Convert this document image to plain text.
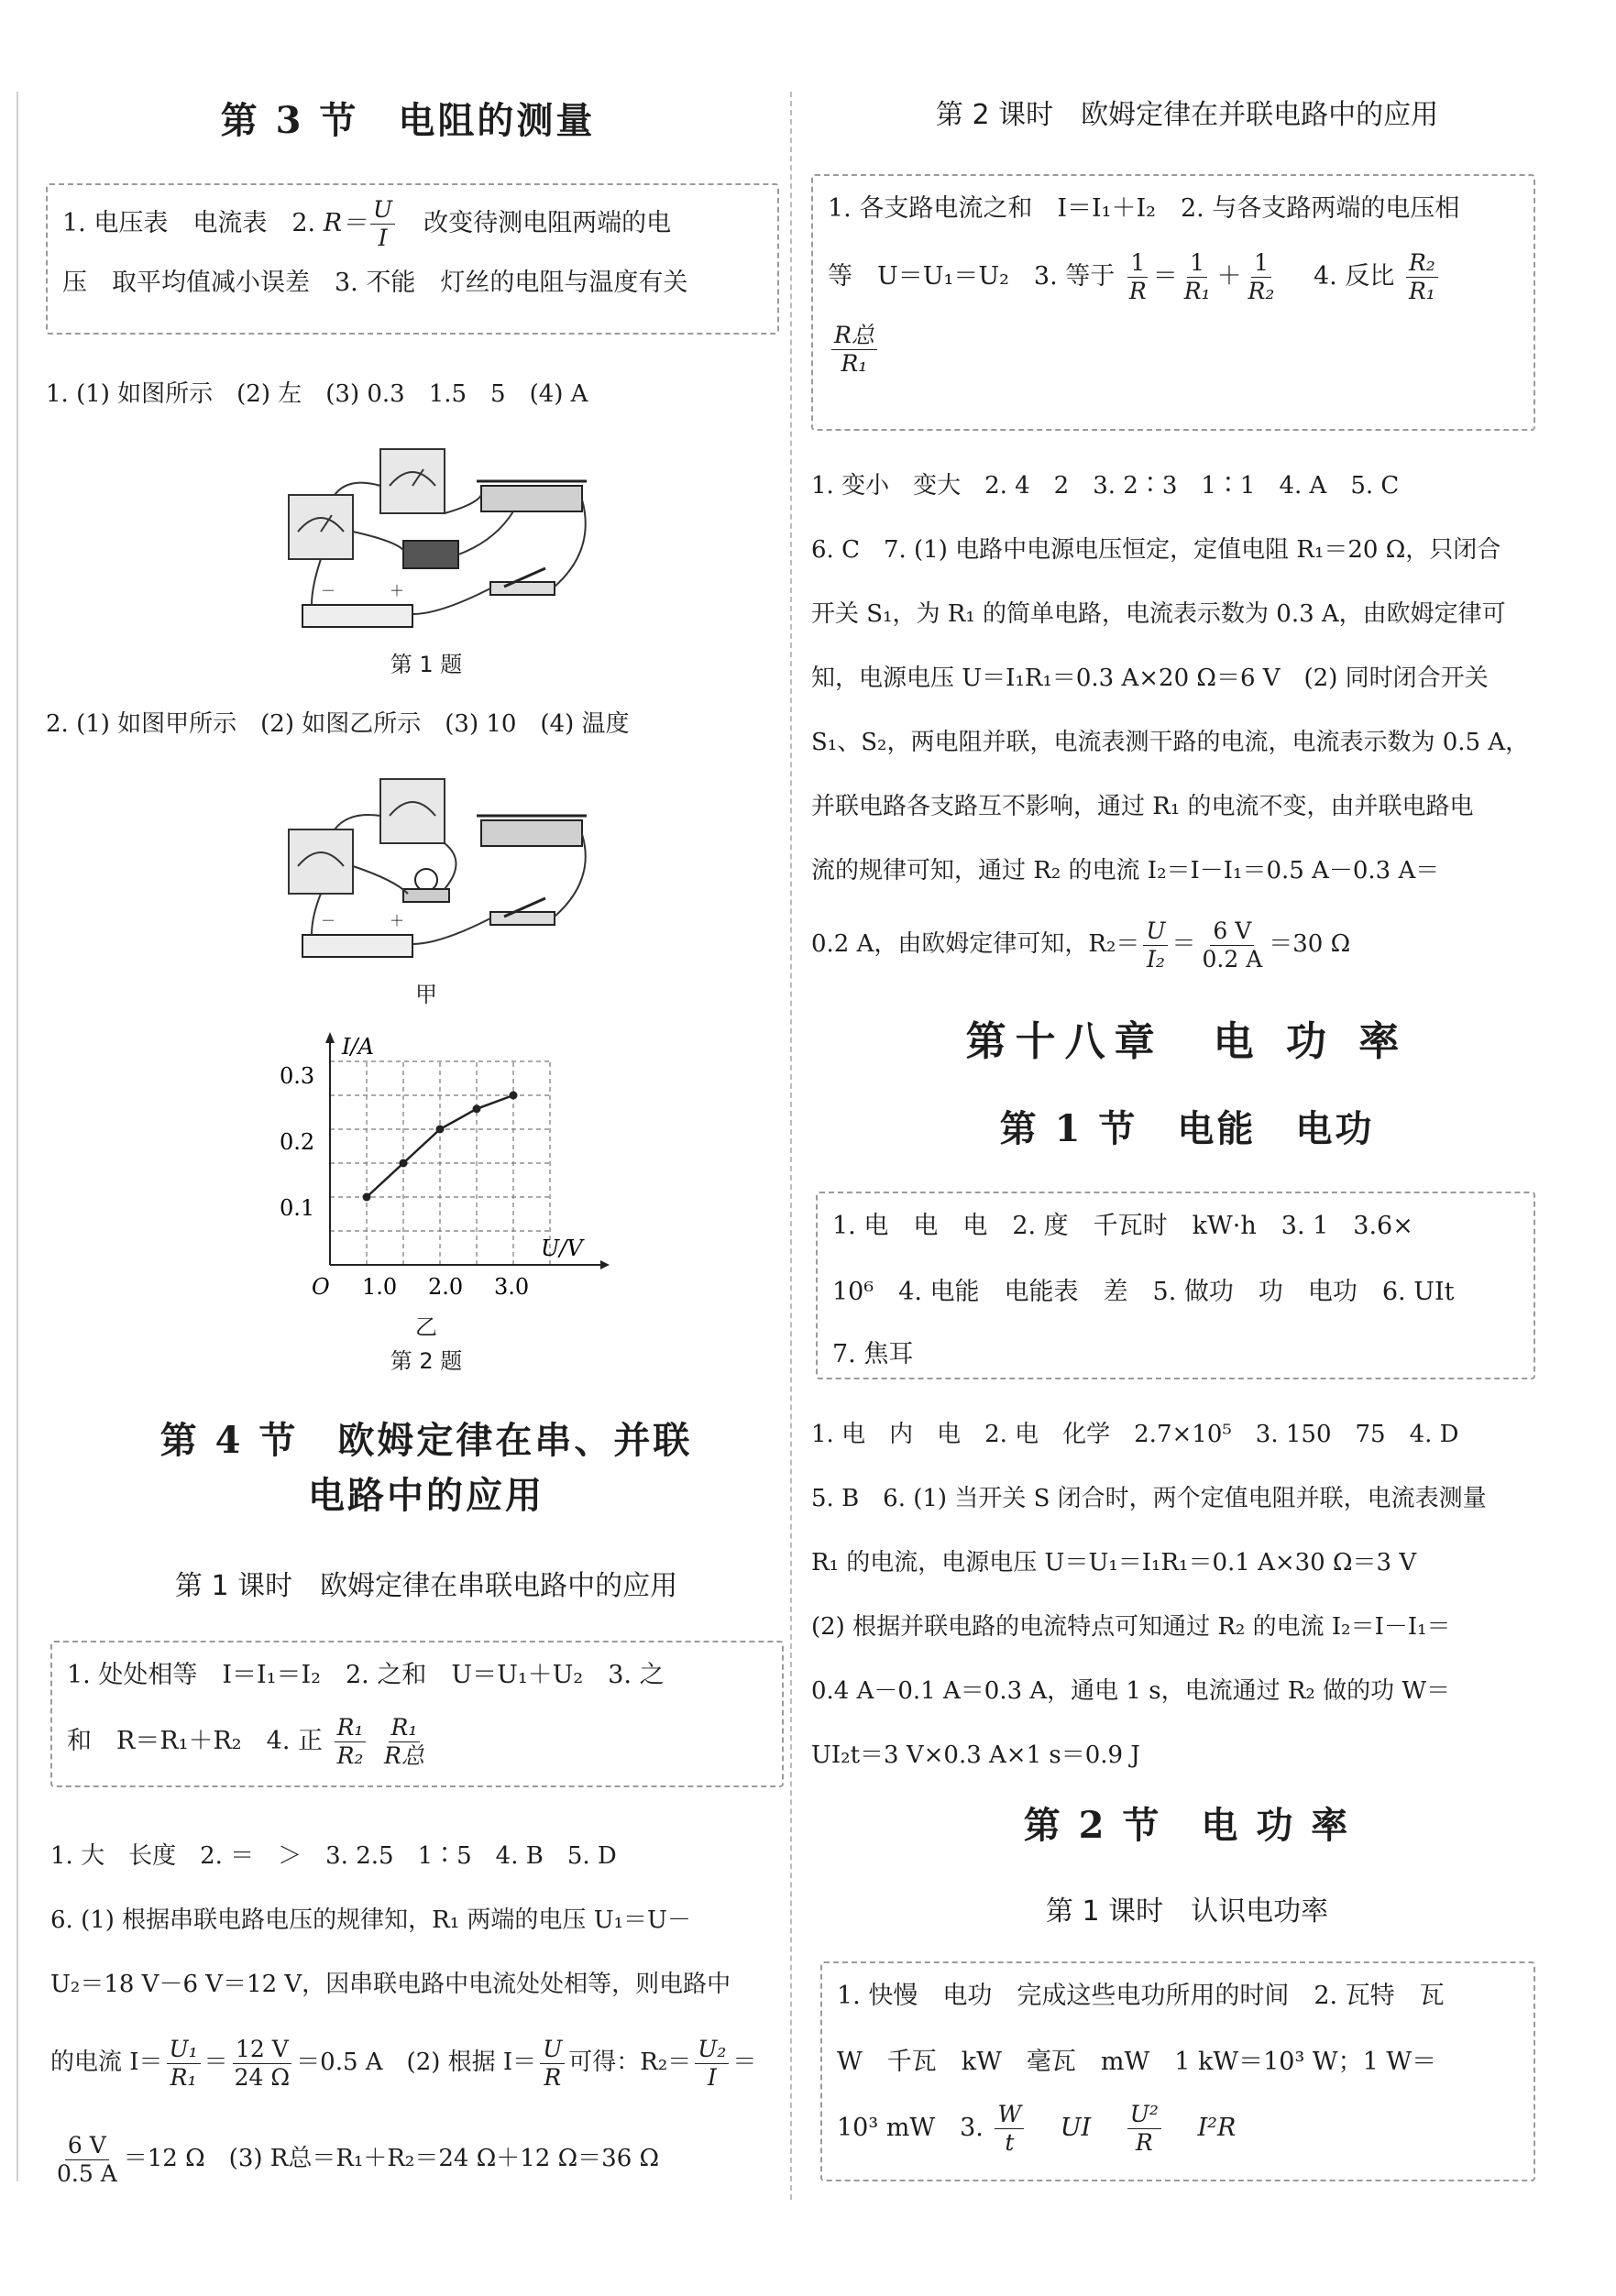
第 3 节　电阻的测量
1. 电压表　电流表　2. $R= \frac{U}{I}$
　 改变待测电阻两端的电
压　取平均值减小误差　3. 不能　灯丝的电阻与温度有关
1. (1) 如图所示　(2) 左　(3) 0.3　1.5　5　(4) A
－	＋
第 1 题
2. (1) 如图甲所示　(2) 如图乙所示　(3) 10　(4) 温度
－	＋
甲
I/A
U/V
O
0.3
0.2
0.1
1.0 2.0 3.0
乙
第 2 题
第 4 节　欧姆定律在串、并联
电路中的应用
第 1 课时　欧姆定律在串联电路中的应用
1. 处处相等　I＝I₁＝I₂　2. 之和　U＝U₁＋U₂　3. 之
和　R＝R₁＋R₂　4. 正 $\frac{\text{R₁}}{\text{R₂}}$
$\frac{\text{R₁}}{\text{R总}}$
1. 大　长度　2. ＝　＞　3. 2.5　1∶5　4. B　5. D
6. (1) 根据串联电路电压的规律知，R₁ 两端的电压 U₁＝U－
U₂＝18 V－6 V＝12 V，因串联电路中电流处处相等，则电路中
的电流 $I= \frac{\text{U₁}}{\text{R₁}} = \frac{12 V}{24 \Omega} =0.5$ A　(2) 根据 $I= \frac{U}{R}$ 可得：$R_2= \frac{\text{U₂}}{I}$ ＝
$\frac{6 V}{0.5 A} =12$ Ω　(3) R总＝R₁＋R₂＝24 Ω＋12 Ω＝36 Ω
第 2 课时　欧姆定律在并联电路中的应用
1. 各支路电流之和　I＝I₁＋I₂　2. 与各支路两端的电压相
等　U＝U₁＝U₂　3. 等于 $\frac{1}{R} = \frac{1}{\text{R₁}} + \frac{1}{\text{R₂}}$
　 4. 反比 $\frac{\text{R₂}}{\text{R₁}}$
$\frac{\text{R总}}{\text{R₁}}$
1. 变小　变大　2. 4　2　3. 2∶3　1∶1　4. A　5. C
6. C　7. (1) 电路中电源电压恒定，定值电阻 R₁＝20 Ω，只闭合
开关 S₁，为 R₁ 的简单电路，电流表示数为 0.3 A，由欧姆定律可
知，电源电压 U＝I₁R₁＝0.3 A×20 Ω＝6 V　(2) 同时闭合开关
S₁、S₂，两电阻并联，电流表测干路的电流，电流表示数为 0.5 A，
并联电路各支路互不影响，通过 R₁ 的电流不变，由并联电路电
流的规律可知，通过 R₂ 的电流 I₂＝I－I₁＝0.5 A－0.3 A＝
0.2 A，由欧姆定律可知，$R_2= \frac{U}{\text{I₂}} = \frac{6 V}{0.2 A} =30$ Ω
第十八章　电 功 率
第 1 节　电能　电功
1. 电　电　电　2. 度　千瓦时　kW·h　3. 1　3.6×
10⁶　4. 电能　电能表　差　5. 做功　功　电功　6. UIt
7. 焦耳
1. 电　内　电　2. 电　化学　2.7×10⁵　3. 150　75　4. D
5. B　6. (1) 当开关 S 闭合时，两个定值电阻并联，电流表测量
R₁ 的电流，电源电压 U＝U₁＝I₁R₁＝0.1 A×30 Ω＝3 V
(2) 根据并联电路的电流特点可知通过 R₂ 的电流 I₂＝I－I₁＝
0.4 A－0.1 A＝0.3 A，通电 1 s，电流通过 R₂ 做的功 W＝
UI₂t＝3 V×0.3 A×1 s＝0.9 J
第 2 节　电 功 率
第 1 课时　认识电功率
1. 快慢　电功　完成这些电功所用的时间　2. 瓦特　瓦
W　千瓦　kW　毫瓦　mW　1 kW＝10³ W；1 W＝
10³ mW　3. $\frac{W}{t}$
　 UI　 $\frac{\text{U²}}{R}$
　 I²R
